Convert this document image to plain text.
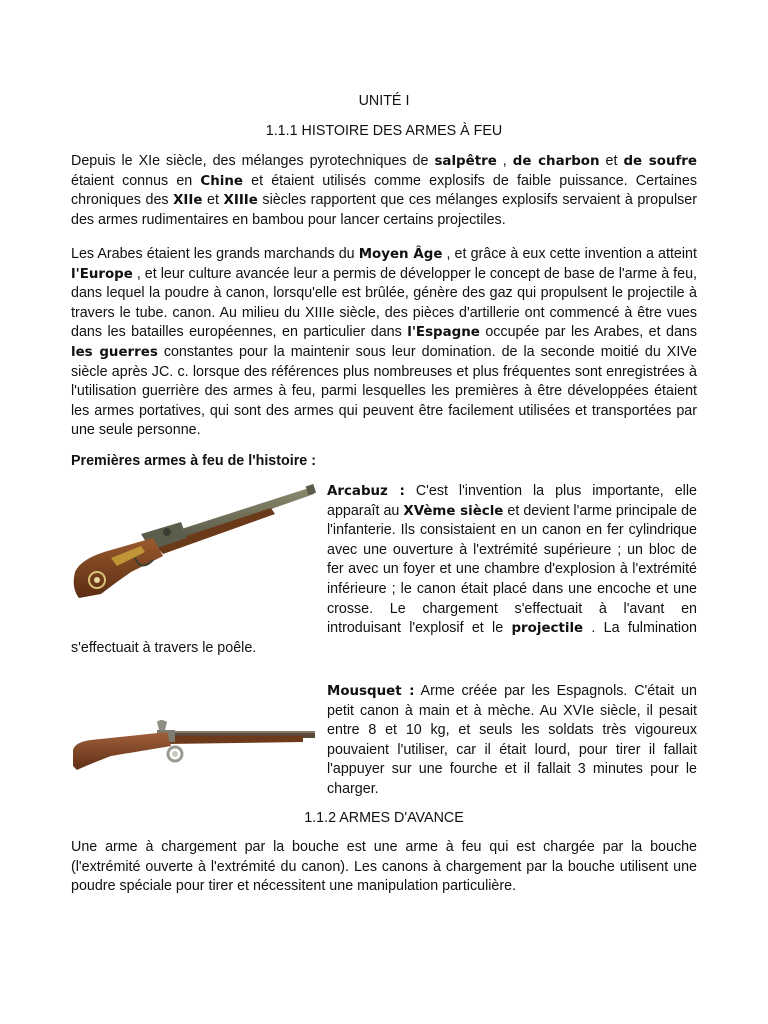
UNITÉ I

1.1.1 HISTOIRE DES ARMES À FEU

Depuis le XIe siècle, des mélanges pyrotechniques de salpêtre , de charbon et de soufre étaient connus en Chine et étaient utilisés comme explosifs de faible puissance. Certaines chroniques des XIIe et XIIIe siècles rapportent que ces mélanges explosifs servaient à propulser des armes rudimentaires en bambou pour lancer certains projectiles.

Les Arabes étaient les grands marchands du Moyen Âge , et grâce à eux cette invention a atteint l'Europe , et leur culture avancée leur a permis de développer le concept de base de l'arme à feu, dans lequel la poudre à canon, lorsqu'elle est brûlée, génère des gaz qui propulsent le projectile à travers le tube. canon. Au milieu du XIIIe siècle, des pièces d'artillerie ont commencé à être vues dans les batailles européennes, en particulier dans l'Espagne occupée par les Arabes, et dans les guerres constantes pour la maintenir sous leur domination. de la seconde moitié du XIVe siècle après JC. c. lorsque des références plus nombreuses et plus fréquentes sont enregistrées à l'utilisation guerrière des armes à feu, parmi lesquelles les premières à être développées étaient les armes portatives, qui sont des armes qui peuvent être facilement utilisées et transportées par une seule personne.

Premières armes à feu de l'histoire :

Arcabuz : C'est l'invention la plus importante, elle apparaît au XVème siècle et devient l'arme principale de l'infanterie. Ils consistaient en un canon en fer cylindrique avec une ouverture à l'extrémité supérieure ; un bloc de fer avec un foyer et une chambre d'explosion à l'extrémité inférieure ; le canon était placé dans une encoche et une crosse. Le chargement s'effectuait à l'avant en introduisant l'explosif et le projectile . La fulmination s'effectuait à travers le poêle.

Mousquet : Arme créée par les Espagnols. C'était un petit canon à main et à mèche. Au XVIe siècle, il pesait entre 8 et 10 kg, et seuls les soldats très vigoureux pouvaient l'utiliser, car il était lourd, pour tirer il fallait l'appuyer sur une fourche et il fallait 3 minutes pour le charger.

1.1.2 ARMES D'AVANCE

Une arme à chargement par la bouche est une arme à feu qui est chargée par la bouche (l'extrémité ouverte à l'extrémité du canon). Les canons à chargement par la bouche utilisent une poudre spéciale pour tirer et nécessitent une manipulation particulière.
